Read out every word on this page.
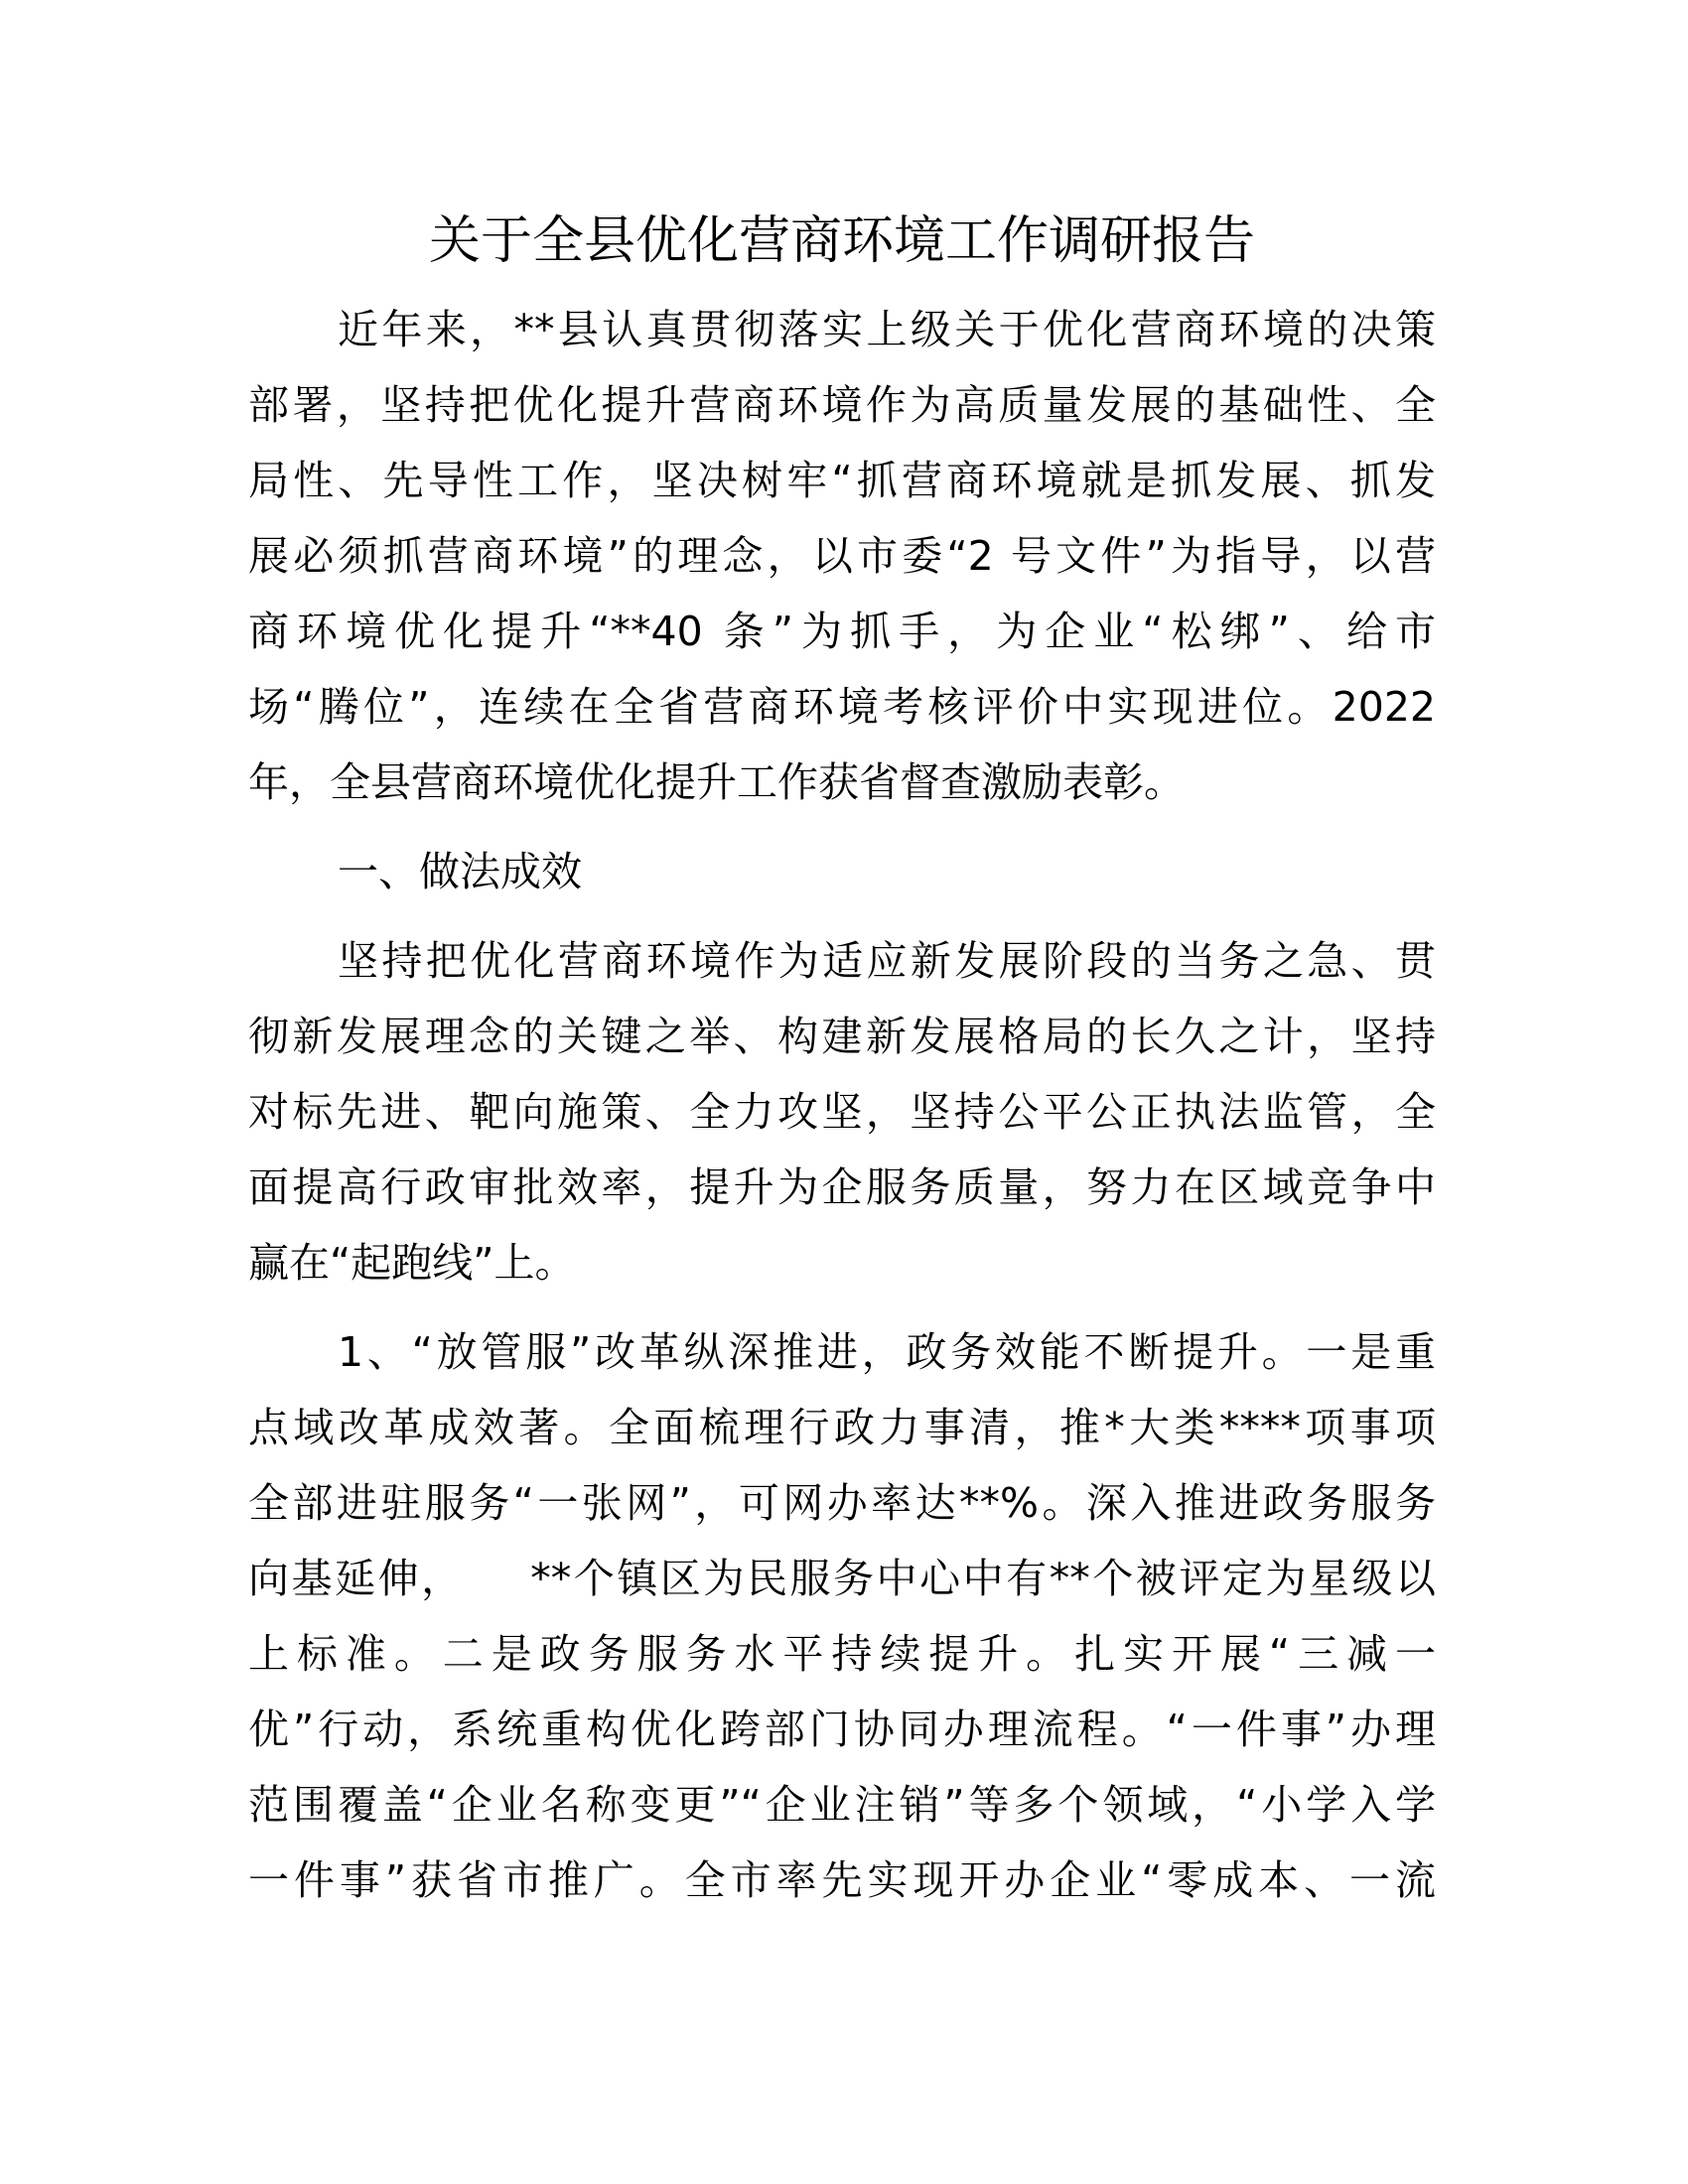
关于全县优化营商环境工作调研报告
近年来，**县认真贯彻落实上级关于优化营商环境的决策
部署，坚持把优化提升营商环境作为高质量发展的基础性、全
局性、先导性工作，坚决树牢“抓营商环境就是抓发展、抓发
展必须抓营商环境”的理念，以市委“2 号文件”为指导，以营
商环境优化提升“**40 条”为抓手，为企业“松绑”、给市
场“腾位”，连续在全省营商环境考核评价中实现进位。2022
年，全县营商环境优化提升工作获省督查激励表彰。
一、做法成效
坚持把优化营商环境作为适应新发展阶段的当务之急、贯
彻新发展理念的关键之举、构建新发展格局的长久之计，坚持
对标先进、靶向施策、全力攻坚，坚持公平公正执法监管，全
面提高行政审批效率，提升为企服务质量，努力在区域竞争中
赢在“起跑线”上。
1、“放管服”改革纵深推进，政务效能不断提升。一是重
点域改革成效著。全面梳理行政力事清，推*大类****项事项
全部进驻服务“一张网”，可网办率达**%。深入推进政务服务
向基延伸，　　**个镇区为民服务中心中有**个被评定为星级以
上标准。二是政务服务水平持续提升。扎实开展“三减一
优”行动，系统重构优化跨部门协同办理流程。“一件事”办理
范围覆盖“企业名称变更”“企业注销”等多个领域，“小学入学
一件事”获省市推广。全市率先实现开办企业“零成本、一流
